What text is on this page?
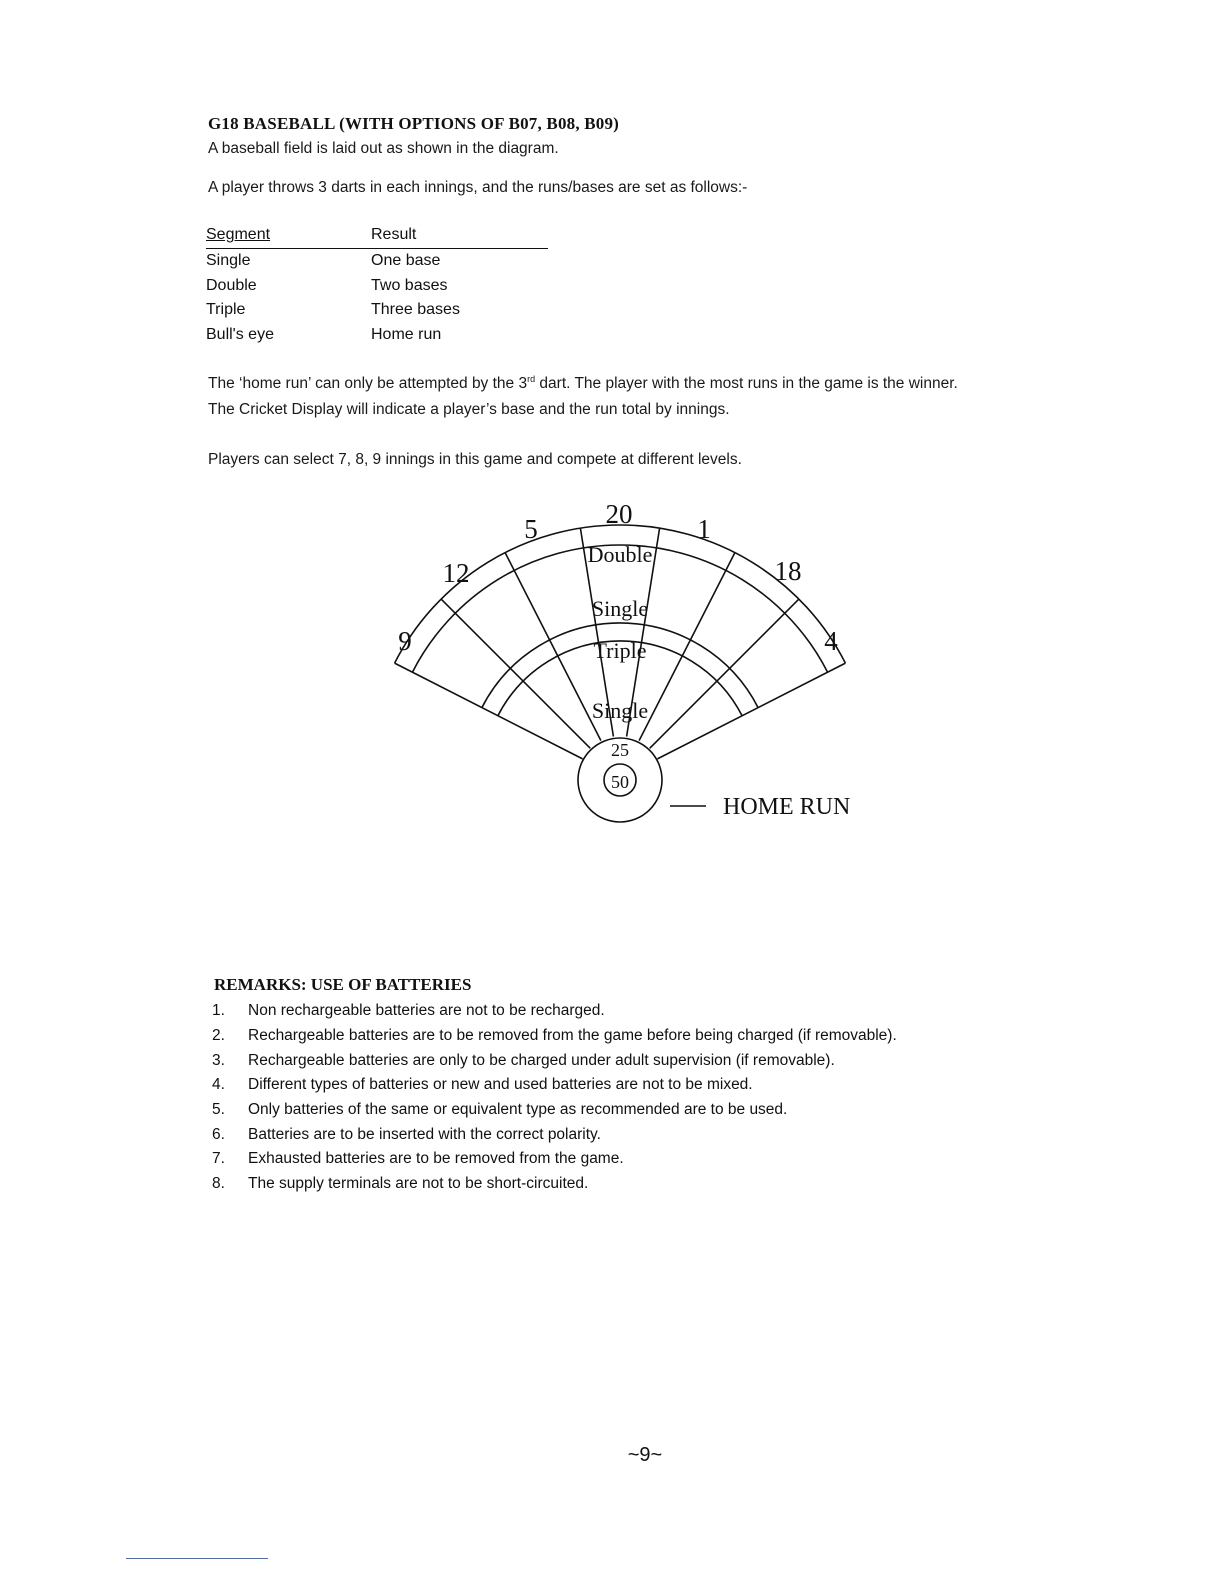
G18 BASEBALL (WITH OPTIONS OF B07, B08, B09)
A baseball field is laid out as shown in the diagram.
A player throws 3 darts in each innings, and the runs/bases are set as follows:-
Segment	Result
Single	One base
Double	Two bases
Triple	Three bases
Bull's eye	Home run
The ‘home run’ can only be attempted by the 3rd dart. The player with the most runs in the game is the winner.
The Cricket Display will indicate a player’s base and the run total by innings.
Players can select 7, 8, 9 innings in this game and compete at different levels.
9
12
5	20 1
18
4
Double
Single
Triple
Single
25
50
HOME RUN
REMARKS: USE OF BATTERIES
1.	Non rechargeable batteries are not to be recharged.
2.	Rechargeable batteries are to be removed from the game before being charged (if removable).
3.	Rechargeable batteries are only to be charged under adult supervision (if removable).
4.	Different types of batteries or new and used batteries are not to be mixed.
5.	Only batteries of the same or equivalent type as recommended are to be used.
6.	Batteries are to be inserted with the correct polarity.
7.	Exhausted batteries are to be removed from the game.
8.	The supply terminals are not to be short-circuited.
~9~
